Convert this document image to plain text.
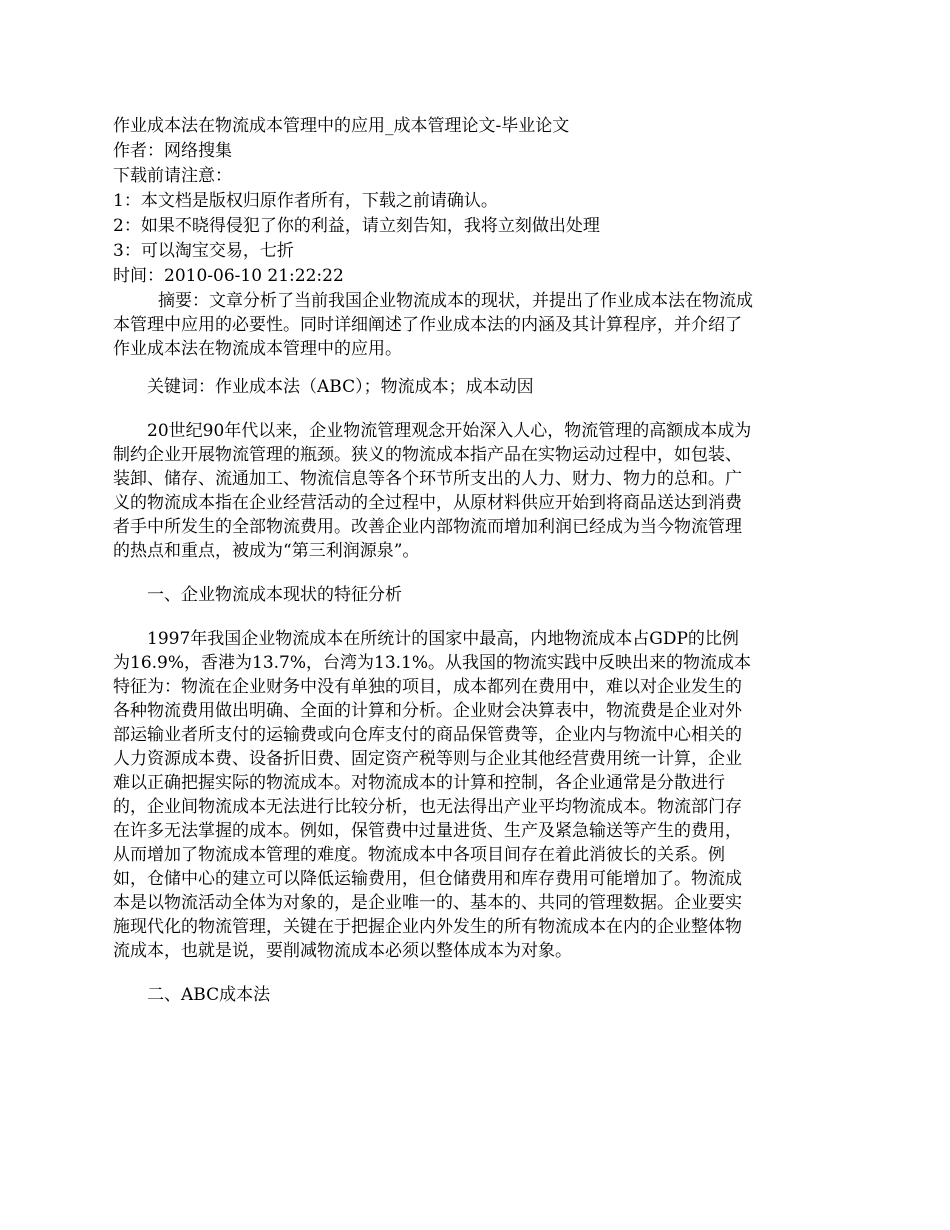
作业成本法在物流成本管理中的应用_成本管理论文-毕业论文
作者：网络搜集
下载前请注意：
1：本文档是版权归原作者所有，下载之前请确认。
2：如果不晓得侵犯了你的利益，请立刻告知，我将立刻做出处理
3：可以淘宝交易，七折
时间：2010-06-10 21:22:22

摘要：文章分析了当前我国企业物流成本的现状，并提出了作业成本法在物流成本管理中应用的必要性。同时详细阐述了作业成本法的内涵及其计算程序，并介绍了作业成本法在物流成本管理中的应用。

关键词：作业成本法（ABC）；物流成本；成本动因

20世纪90年代以来，企业物流管理观念开始深入人心，物流管理的高额成本成为制约企业开展物流管理的瓶颈。狭义的物流成本指产品在实物运动过程中，如包装、装卸、储存、流通加工、物流信息等各个环节所支出的人力、财力、物力的总和。广义的物流成本指在企业经营活动的全过程中，从原材料供应开始到将商品送达到消费者手中所发生的全部物流费用。改善企业内部物流而增加利润已经成为当今物流管理的热点和重点，被成为“第三利润源泉”。

一、企业物流成本现状的特征分析

1997年我国企业物流成本在所统计的国家中最高，内地物流成本占GDP的比例为16.9%，香港为13.7%，台湾为13.1%。从我国的物流实践中反映出来的物流成本特征为：物流在企业财务中没有单独的项目，成本都列在费用中，难以对企业发生的各种物流费用做出明确、全面的计算和分析。企业财会决算表中，物流费是企业对外部运输业者所支付的运输费或向仓库支付的商品保管费等，企业内与物流中心相关的人力资源成本费、设备折旧费、固定资产税等则与企业其他经营费用统一计算，企业难以正确把握实际的物流成本。对物流成本的计算和控制，各企业通常是分散进行的，企业间物流成本无法进行比较分析，也无法得出产业平均物流成本。物流部门存在许多无法掌握的成本。例如，保管费中过量进货、生产及紧急输送等产生的费用，从而增加了物流成本管理的难度。物流成本中各项目间存在着此消彼长的关系。例如，仓储中心的建立可以降低运输费用，但仓储费用和库存费用可能增加了。物流成本是以物流活动全体为对象的，是企业唯一的、基本的、共同的管理数据。企业要实施现代化的物流管理，关键在于把握企业内外发生的所有物流成本在内的企业整体物流成本，也就是说，要削减物流成本必须以整体成本为对象。

二、ABC成本法
